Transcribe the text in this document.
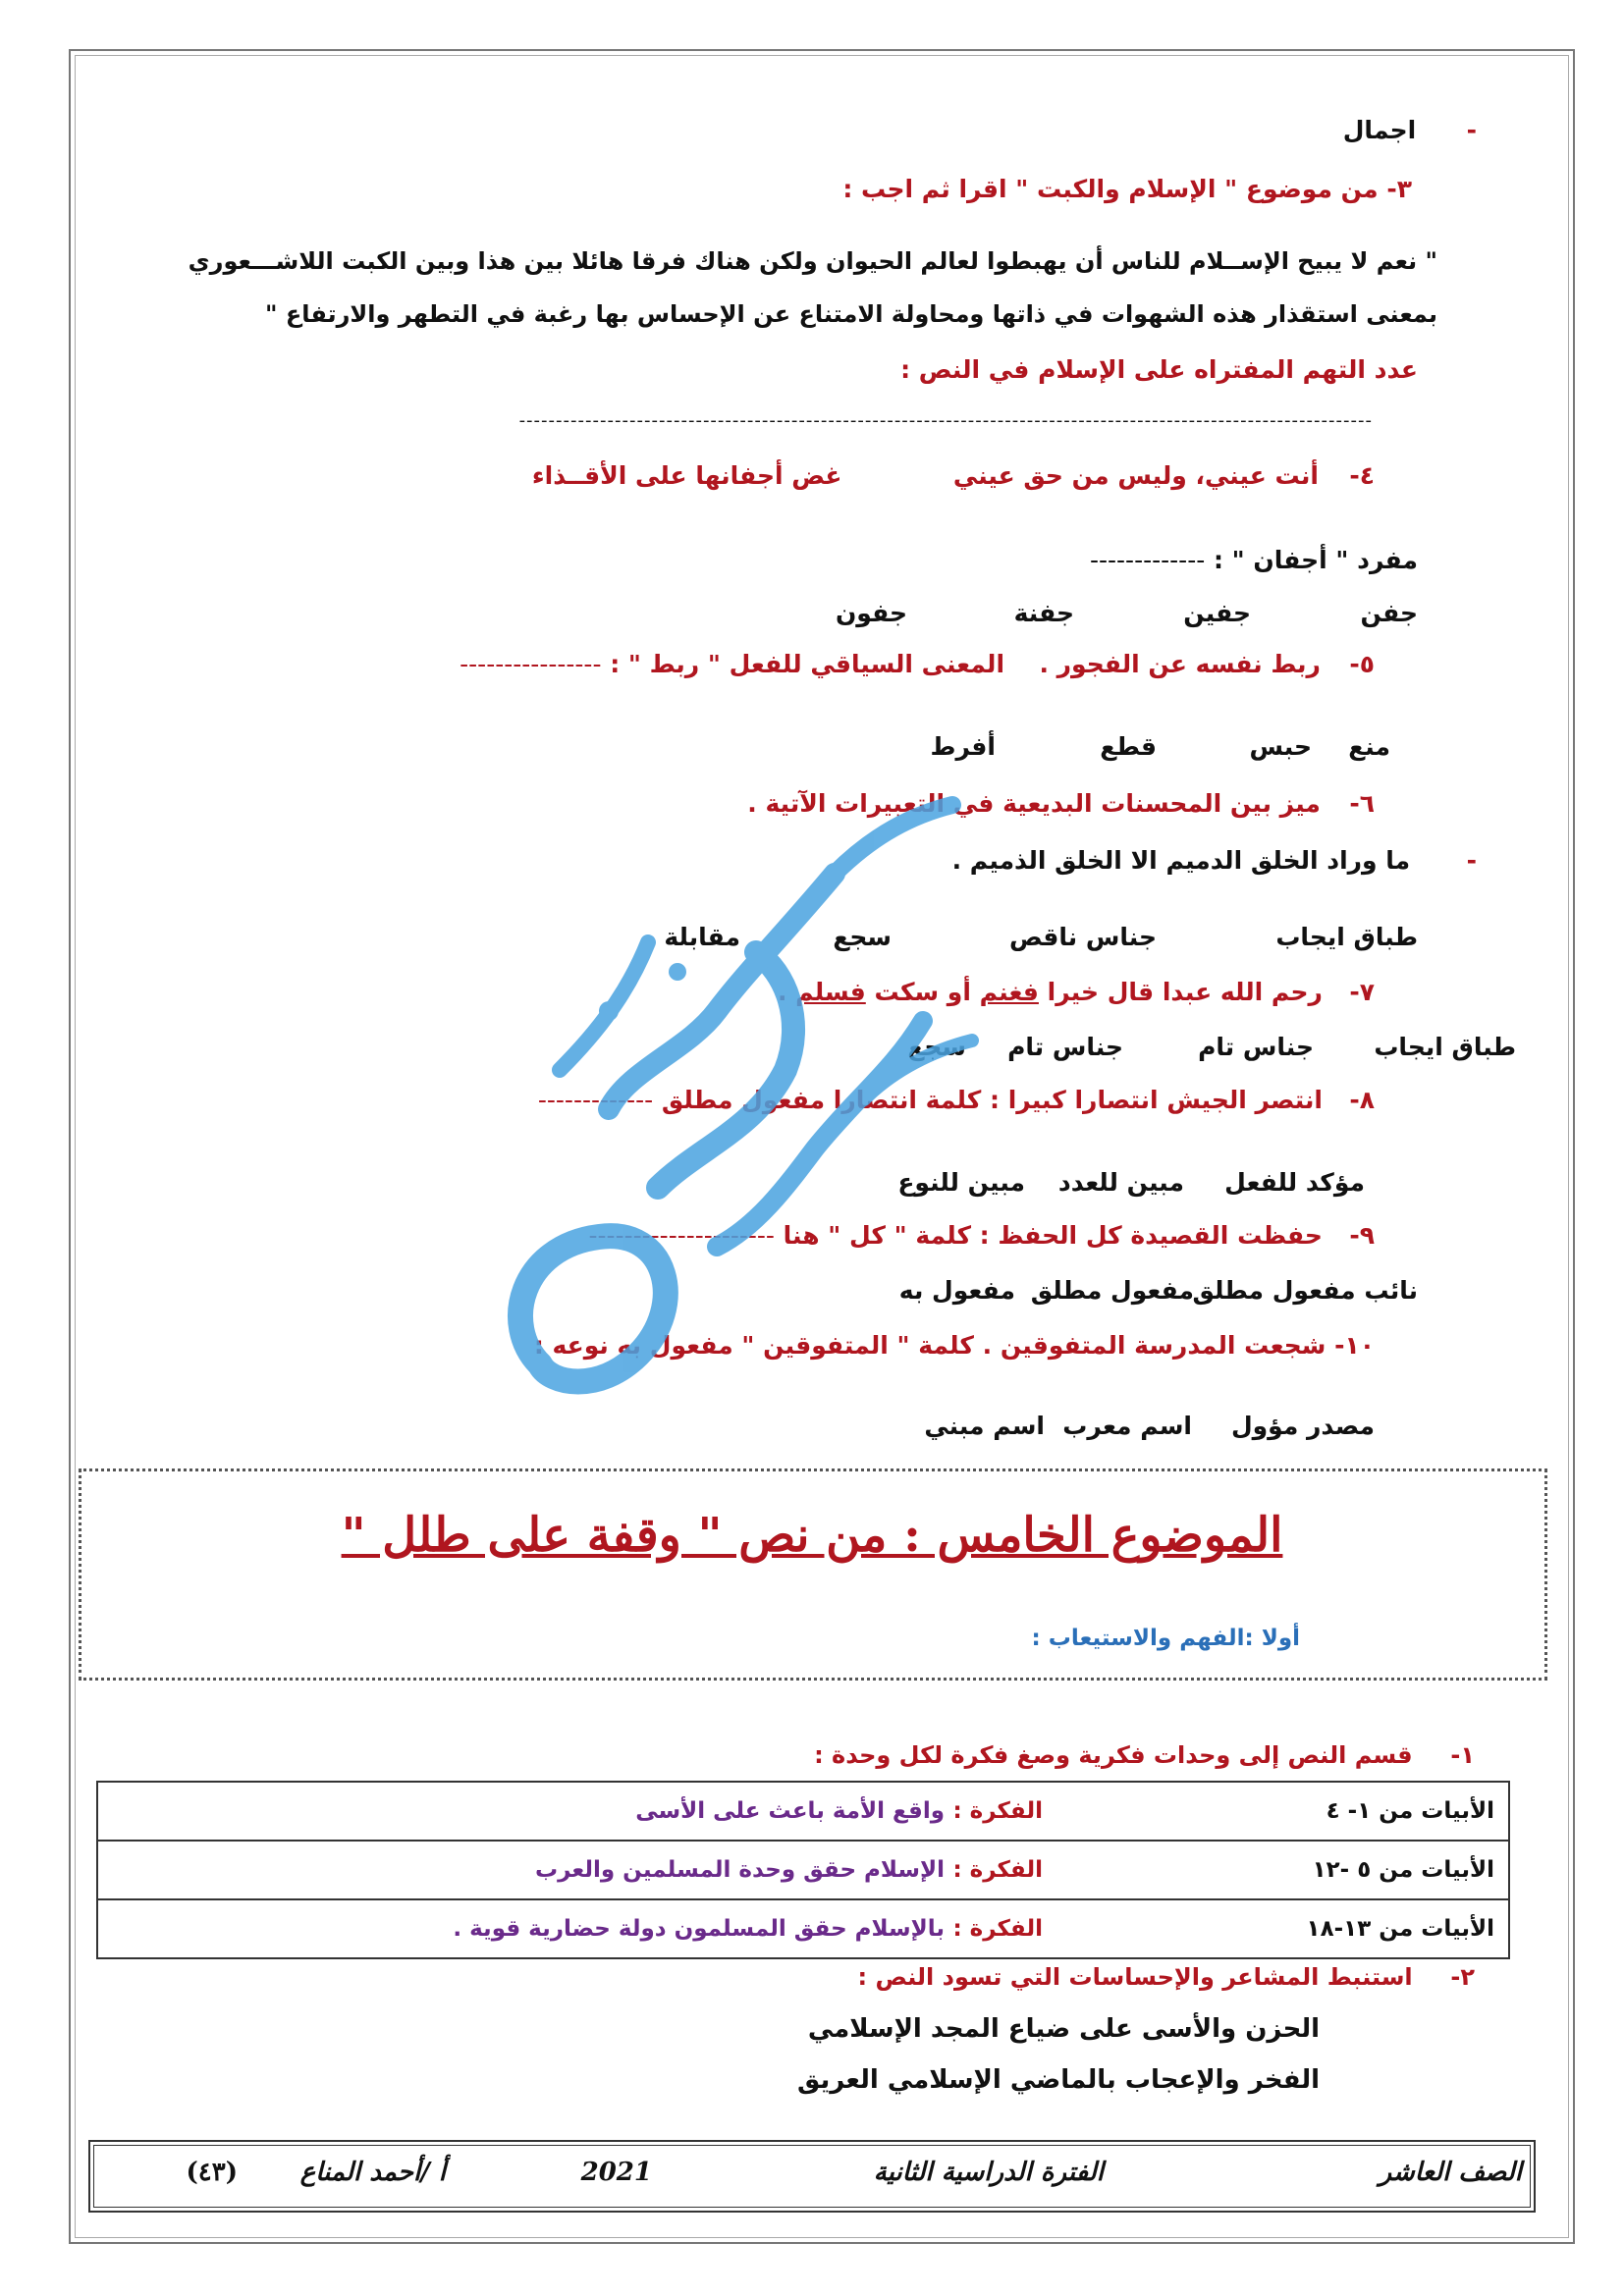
-  اجمال
٣- من موضوع " الإسلام والكبت " اقرا ثم اجب :
" نعم لا يبيح الإســلام للناس أن يهبطوا لعالم الحيوان ولكن هناك فرقا هائلا بين هذا وبين الكبت اللاشـــعوري
بمعنى استقذار هذه الشهوات في ذاتها ومحاولة الامتناع عن الإحساس بها رغبة في التطهر والارتفاع "
عدد التهم المفتراه على الإسلام في النص :
--------------------------------------------------------------------------------------------------------------------
٤-  أنت عيني، وليس من حق عيني  غض أجفانها على الأقــذاء
مفرد " أجفان " : -------------
جفن
جفين
جفنة
جفون
٥-  ربط نفسه عن الفجور .  المعنى السياقي للفعل " ربط " : ----------------
منع
حبس
قطع
أفرط
٦-  ميز بين المحسنات البديعية في التعبيرات الآتية .
-  ما وراد الخلق الدميم الا الخلق الذميم .
طباق ايجاب
جناس ناقص
سجع
مقابلة
٧-  رحم الله عبدا قال خيرا فغنم أو سكت فسلم .
طباق ايجاب
جناس تام
جناس تام
سجع
٨-  انتصر الجيش انتصارا كبيرا : كلمة انتصارا مفعول مطلق -------------
مؤكد للفعل
مبين للعدد
مبين للنوع
٩-  حفظت القصيدة كل الحفظ : كلمة " كل " هنا ---------------------
نائب مفعول مطلق
مفعول مطلق
مفعول به
١٠- شجعت المدرسة المتفوقين . كلمة " المتفوقين " مفعول به نوعه :
مصدر مؤول
اسم معرب
اسم مبني
الموضوع الخامس : من نص " وقفة على طلل "
أولا :الفهم والاستيعاب :
١-  قسم النص إلى وحدات فكرية وصغ فكرة لكل وحدة :
الأبيات من ١- ٤
الفكرة :
واقع الأمة باعث على الأسى

الأبيات من ٥ -١٢
الفكرة :
الإسلام حقق وحدة المسلمين والعرب

الأبيات من ١٣-١٨
الفكرة :
بالإسلام حقق المسلمون دولة حضارية قوية .
٢-  استنبط المشاعر والإحساسات التي تسود النص :
الحزن والأسى على ضياع المجد الإسلامي
الفخر والإعجاب بالماضي الإسلامي العريق
الصف العاشر
الفترة الدراسية الثانية
2021
أ /أحمد المناع
(٤٣)
